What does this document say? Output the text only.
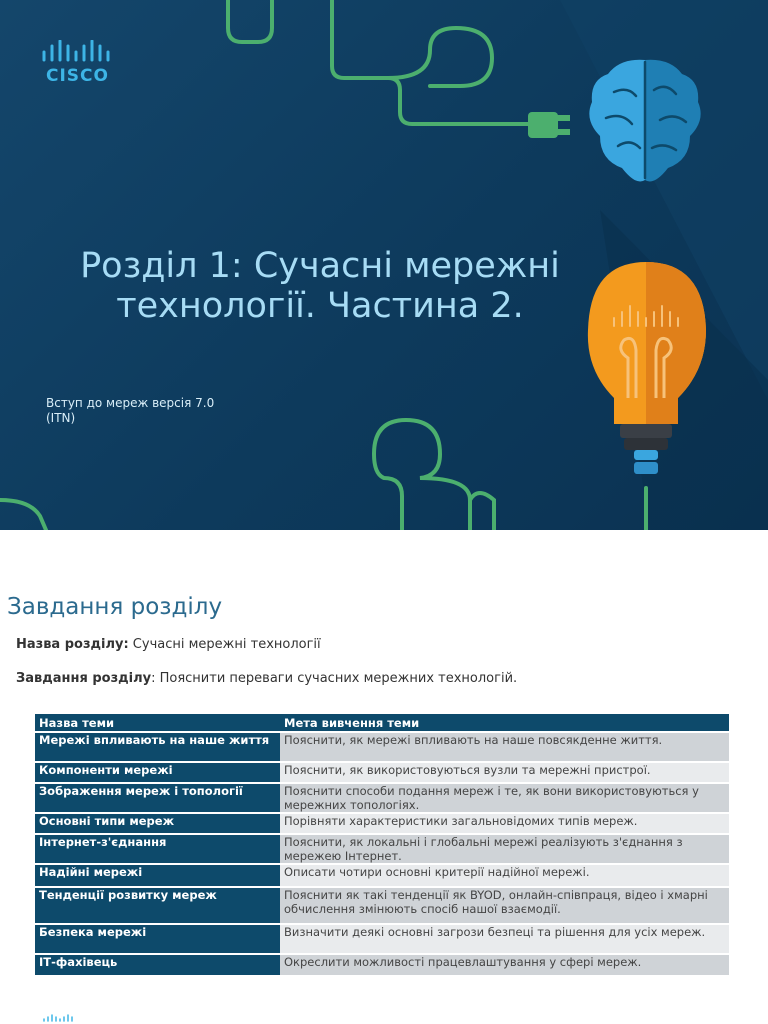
CISCO
Розділ 1: Сучасні мережні
технології. Частина 2.
Вступ до мереж версія 7.0
(ITN)
Завдання розділу
Назва розділу: Сучасні мережні технології
Завдання розділу: Пояснити переваги сучасних мережних технологій.
Назва теми	Мета вивчення теми
Мережі впливають на наше життя	Пояснити, як мережі впливають на наше повсякденне життя.
Компоненти мережі	Пояснити, як використовуються вузли та мережні пристрої.
Зображення мереж і топології	Пояснити способи подання мереж і те, як вони використовуються у мережних топологіях.
Основні типи мереж	Порівняти характеристики загальновідомих типів мереж.
Інтернет-з'єднання	Пояснити, як локальні і глобальні мережі реалізують з'єднання з мережею Інтернет.
Надійні мережі	Описати чотири основні критерії надійної мережі.
Тенденції розвитку мереж	Пояснити як такі тенденції як BYOD, онлайн-співпраця, відео і хмарні обчислення змінюють спосіб нашої взаємодії.
Безпека мережі	Визначити деякі основні загрози безпеці та рішення для усіх мереж.
ІТ-фахівець	Окреслити можливості працевлаштування у сфері мереж.
